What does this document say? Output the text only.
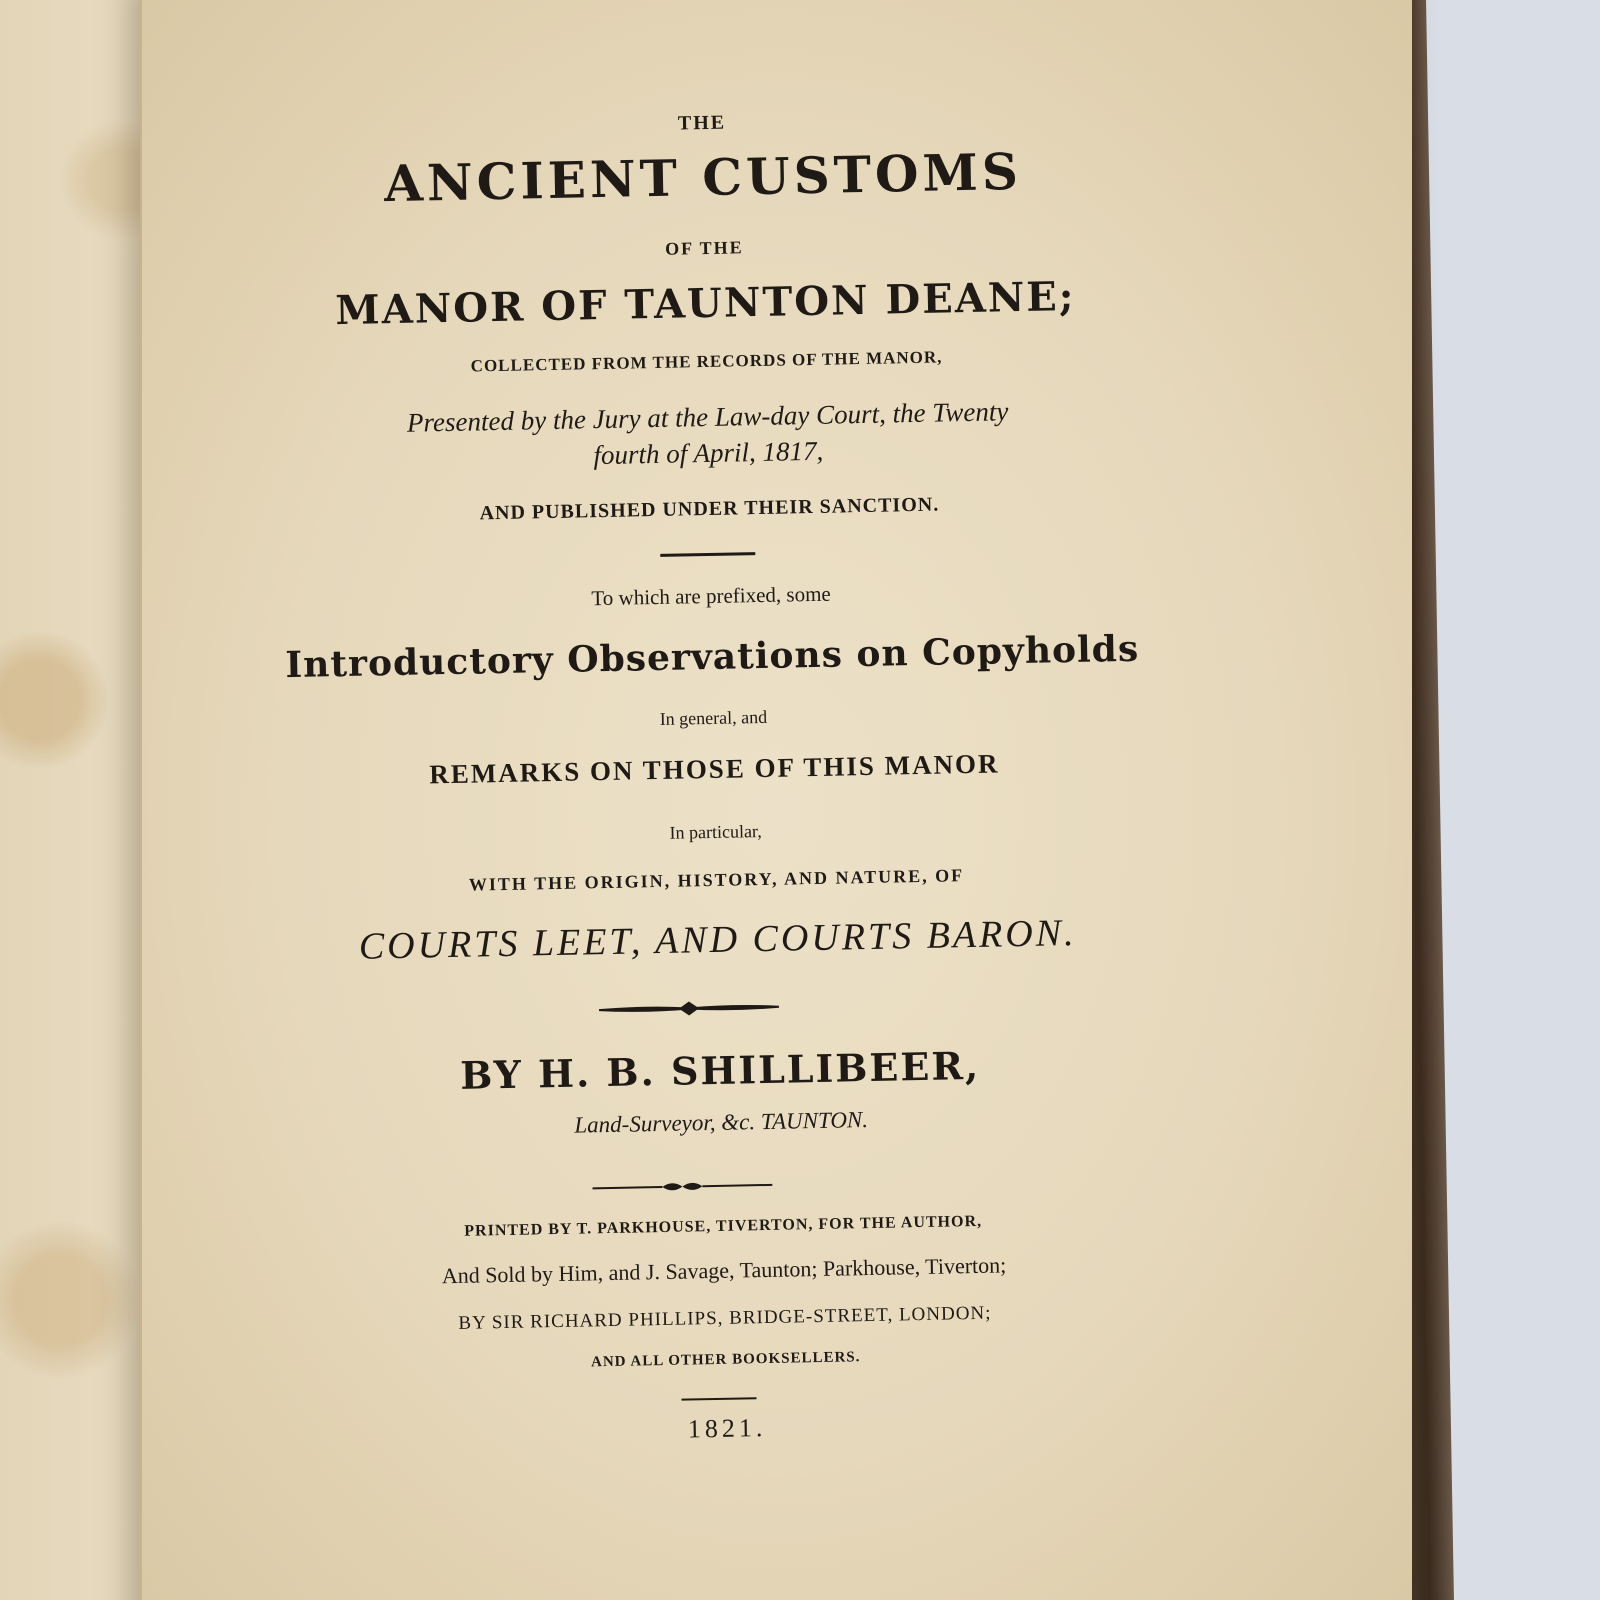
THE
ANCIENT CUSTOMS
OF THE
MANOR OF TAUNTON DEANE;
COLLECTED FROM THE RECORDS OF THE MANOR,
Presented by the Jury at the Law-day Court, the Twenty
fourth of April, 1817,
AND PUBLISHED UNDER THEIR SANCTION.
To which are prefixed, some
Introductory Observations on Copyholds
In general, and
REMARKS ON THOSE OF THIS MANOR
In particular,
WITH THE ORIGIN, HISTORY, AND NATURE, OF
COURTS LEET, AND COURTS BARON.
BY H. B. SHILLIBEER,
Land-Surveyor, &c. TAUNTON.
PRINTED BY T. PARKHOUSE, TIVERTON, FOR THE AUTHOR,
And Sold by Him, and J. Savage, Taunton; Parkhouse, Tiverton;
BY SIR RICHARD PHILLIPS, BRIDGE-STREET, LONDON;
AND ALL OTHER BOOKSELLERS.
1821.
